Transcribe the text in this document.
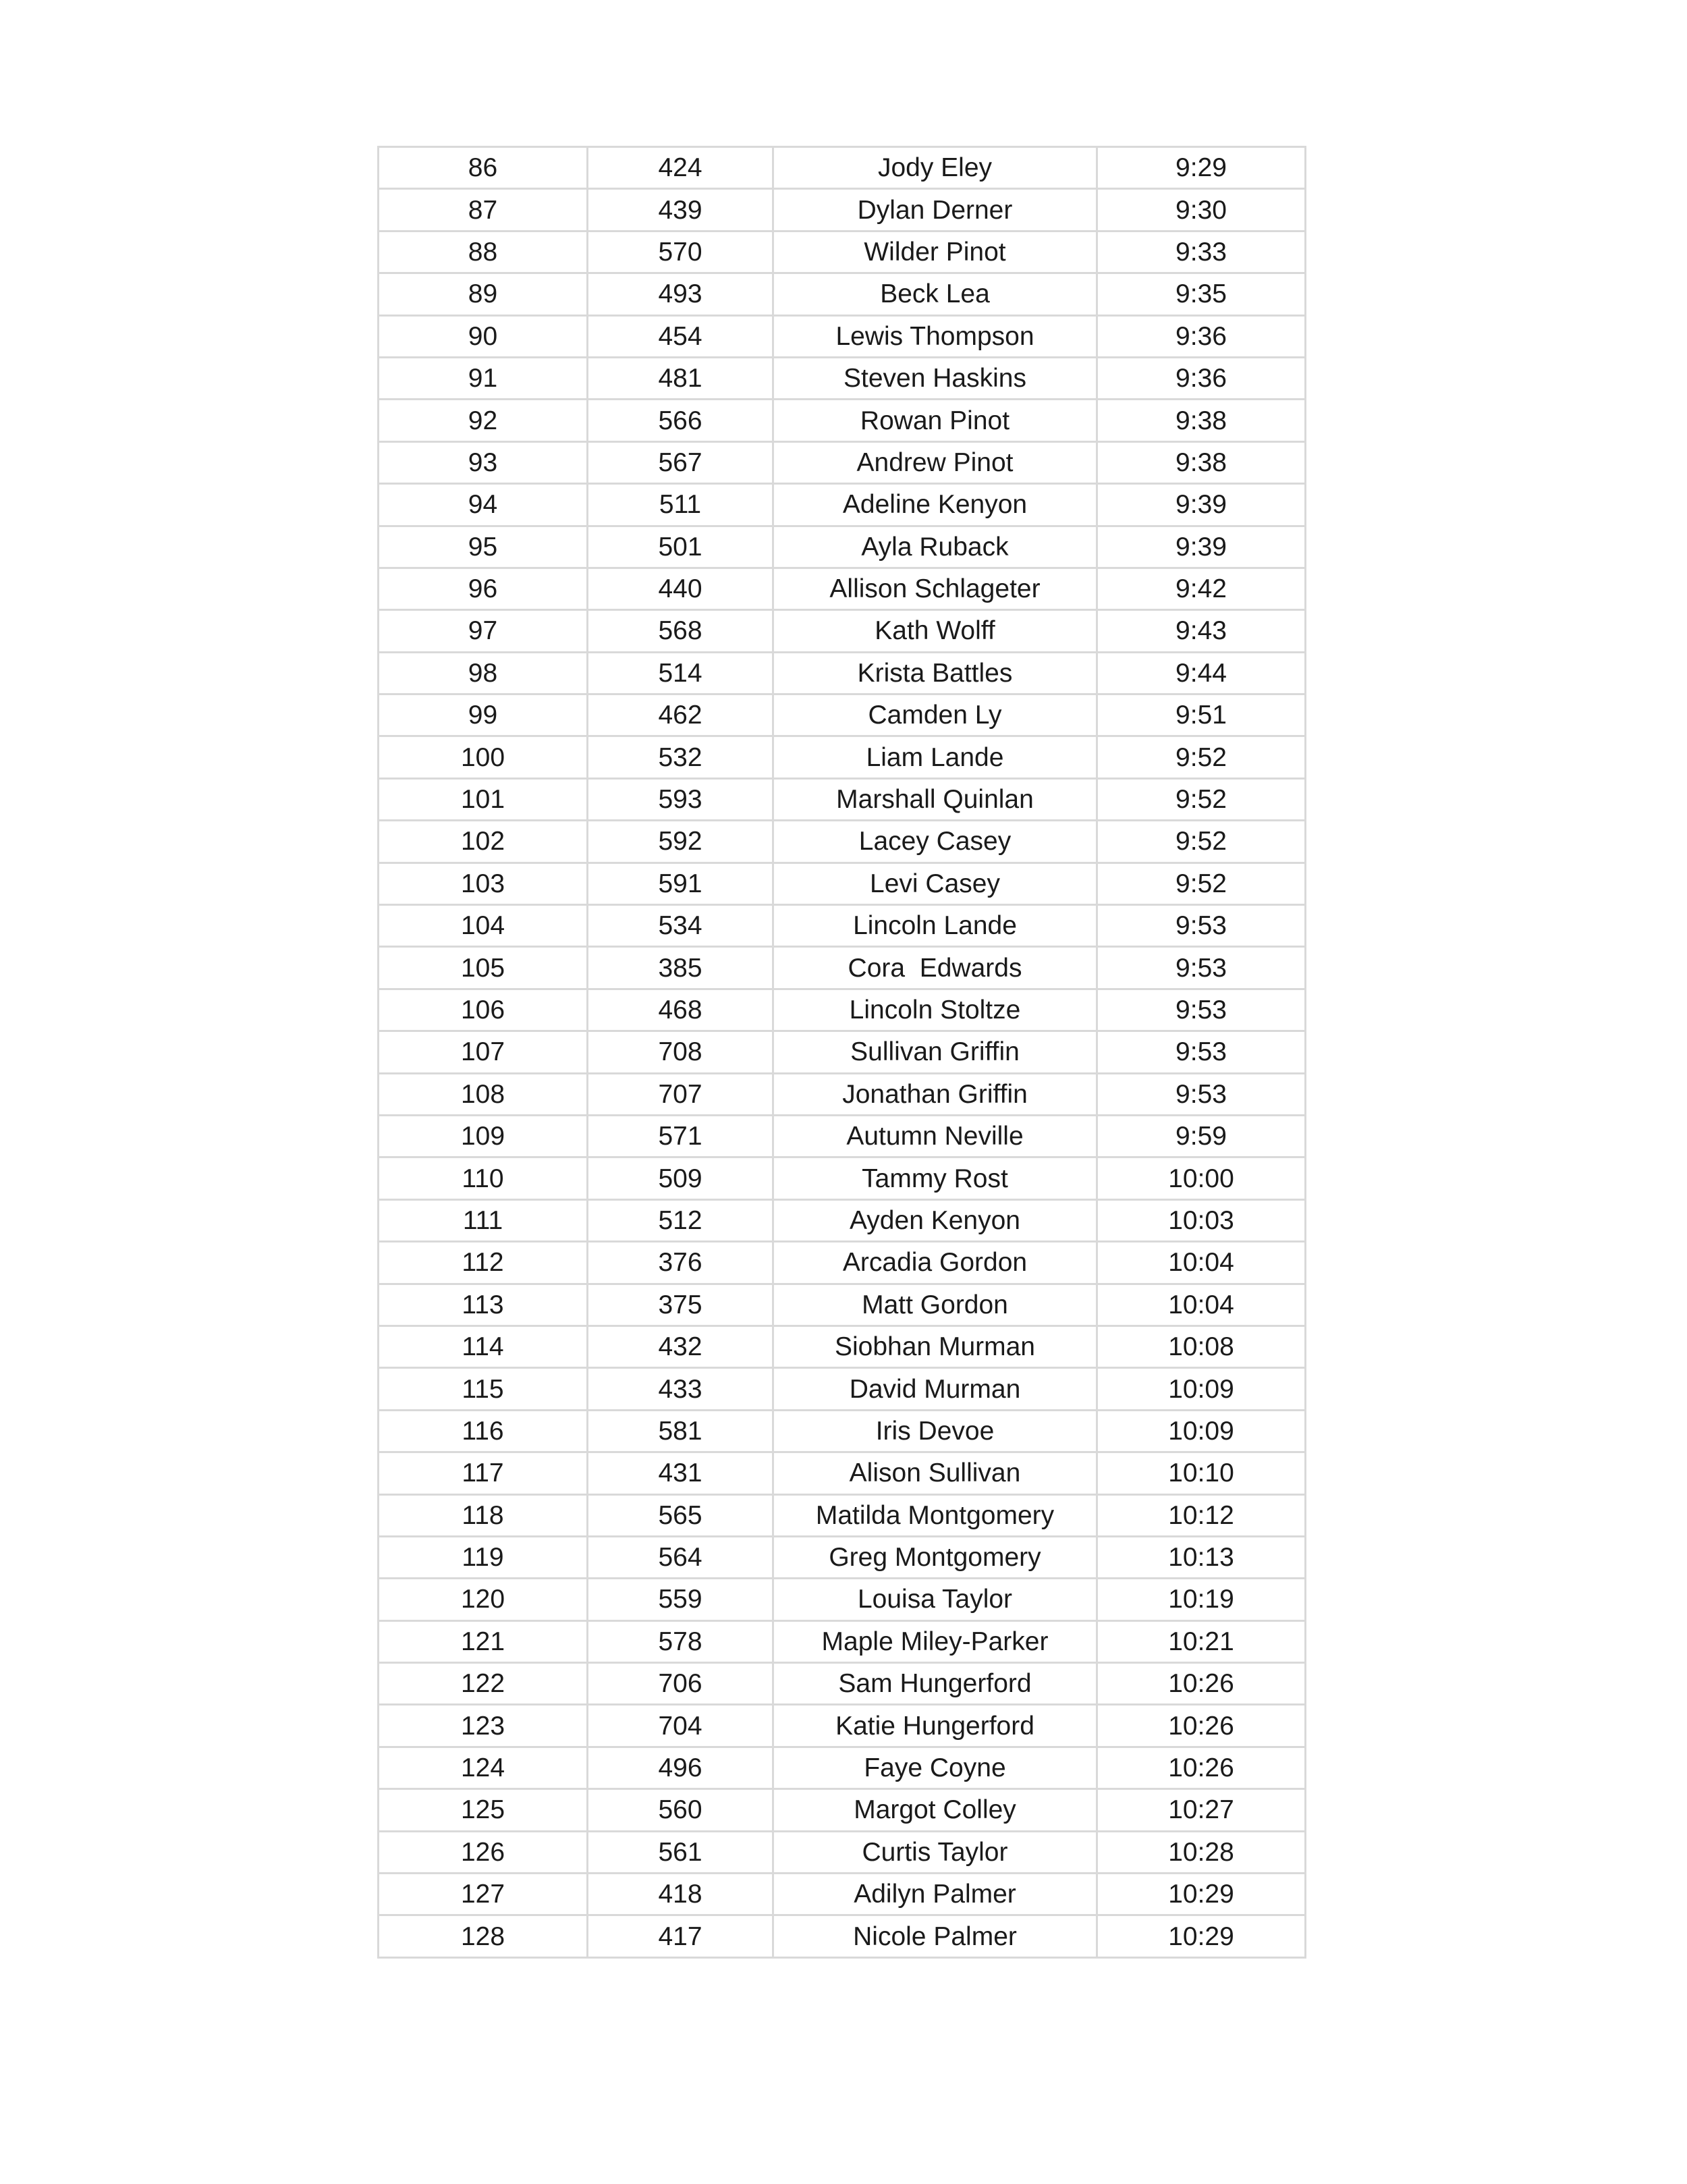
86	424	Jody Eley	9:29
87	439	Dylan Derner	9:30
88	570	Wilder Pinot	9:33
89	493	Beck Lea	9:35
90	454	Lewis Thompson	9:36
91	481	Steven Haskins	9:36
92	566	Rowan Pinot	9:38
93	567	Andrew Pinot	9:38
94	511	Adeline Kenyon	9:39
95	501	Ayla Ruback	9:39
96	440	Allison Schlageter	9:42
97	568	Kath Wolff	9:43
98	514	Krista Battles	9:44
99	462	Camden Ly	9:51
100	532	Liam Lande	9:52
101	593	Marshall Quinlan	9:52
102	592	Lacey Casey	9:52
103	591	Levi Casey	9:52
104	534	Lincoln Lande	9:53
105	385	Cora  Edwards	9:53
106	468	Lincoln Stoltze	9:53
107	708	Sullivan Griffin	9:53
108	707	Jonathan Griffin	9:53
109	571	Autumn Neville	9:59
110	509	Tammy Rost	10:00
111	512	Ayden Kenyon	10:03
112	376	Arcadia Gordon	10:04
113	375	Matt Gordon	10:04
114	432	Siobhan Murman	10:08
115	433	David Murman	10:09
116	581	Iris Devoe	10:09
117	431	Alison Sullivan	10:10
118	565	Matilda Montgomery	10:12
119	564	Greg Montgomery	10:13
120	559	Louisa Taylor	10:19
121	578	Maple Miley-Parker	10:21
122	706	Sam Hungerford	10:26
123	704	Katie Hungerford	10:26
124	496	Faye Coyne	10:26
125	560	Margot Colley	10:27
126	561	Curtis Taylor	10:28
127	418	Adilyn Palmer	10:29
128	417	Nicole Palmer	10:29
